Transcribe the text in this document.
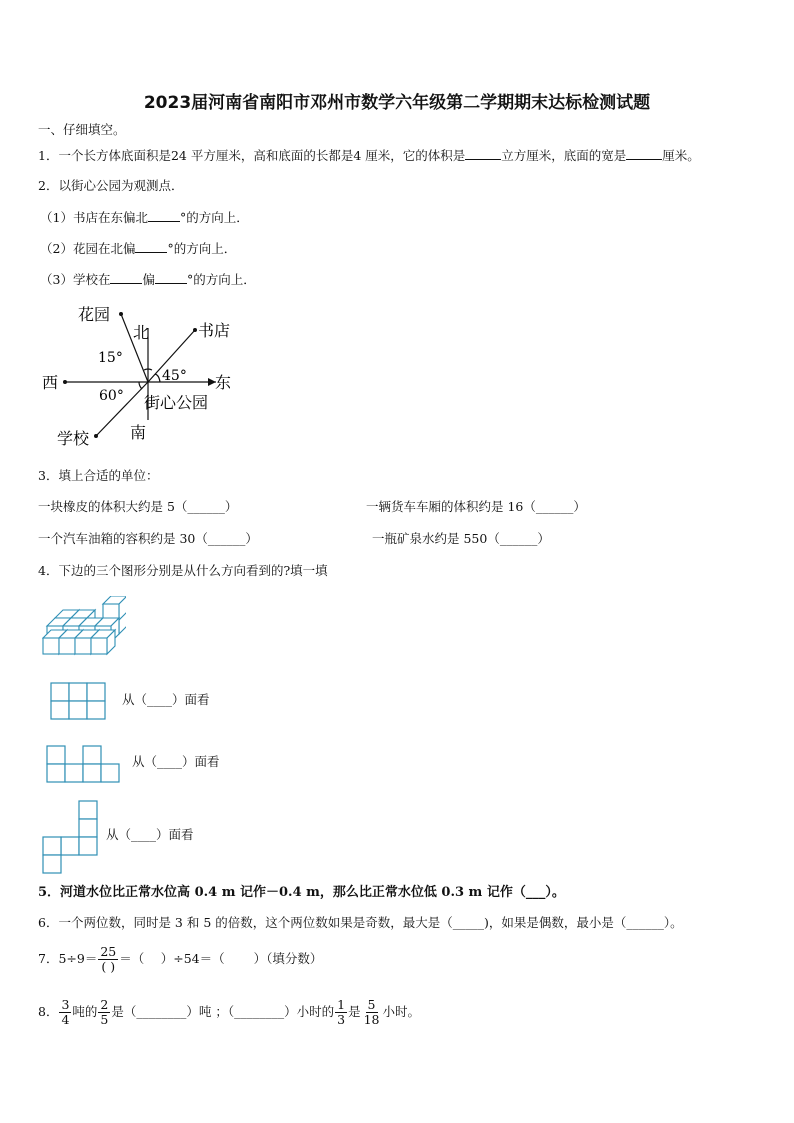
2023届河南省南阳市邓州市数学六年级第二学期期末达标检测试题
一、仔细填空。
1．一个长方体底面积是24 平方厘米，高和底面的长都是4 厘米，它的体积是	立方厘米，底面的宽是	厘米。
2．以街心公园为观测点．
（1）书店在东偏北	°的方向上．
（2）花园在北偏	°的方向上．
（3）学校在	偏	°的方向上．
花园
北	书店
西	东
南
街心公园
学校
15°
45°
60°
3．填上合适的单位：
一块橡皮的体积大约是 5（______）	一辆货车车厢的体积约是 16（______）
一个汽车油箱的容积约是 30（______）	一瓶矿泉水约是 550（______）
4．下边的三个图形分别是从什么方向看到的?填一填
从（____）面看
从（____）面看
从（____）面看
5．河道水位比正常水位高 0.4 m 记作－0.4 m，那么比正常水位低 0.3 m 记作（___）。
6．一个两位数，同时是 3 和 5 的倍数，这个两位数如果是奇数，最大是（_____)，如果是偶数，最小是（______）。
7．$5\div 9= \frac{25}{( )}$ ＝（　 ）÷54＝（　　 ）（填分数）
8． $\frac{3}{4}$ 吨的 $\frac{2}{5}$ 是（________）吨 ；（________）小时的 $\frac{1}{3}$ 是 $\frac{5}{18}$ 小时。
